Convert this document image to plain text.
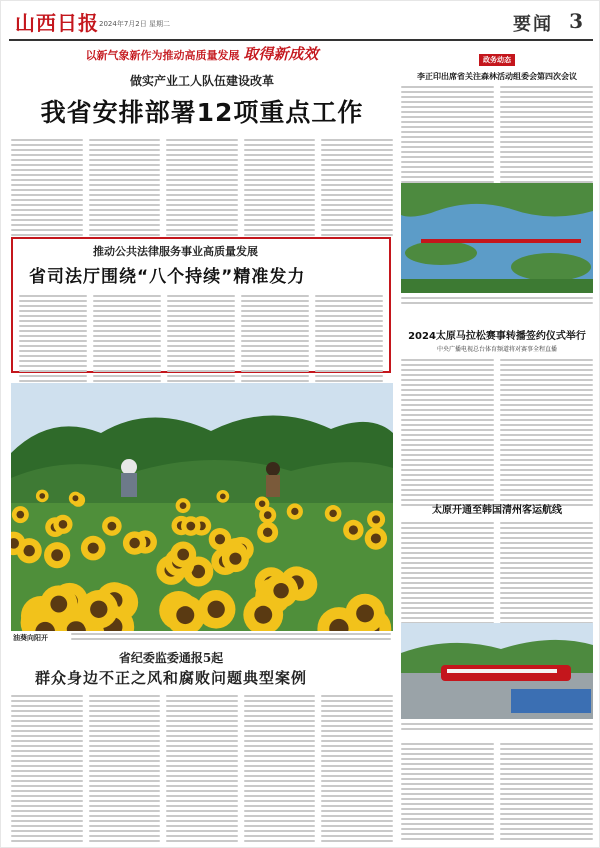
山西日报 2024年7月2日 星期二	要闻 3
以新气象新作为推动高质量发展 取得新成效
做实产业工人队伍建设改革
我省安排部署12项重点工作
推动公共法律服务事业高质量发展
省司法厅围绕“八个持续”精准发力
油葵向阳开
省纪委监委通报5起
群众身边不正之风和腐败问题典型案例
政务动态
李正印出席省关注森林活动组委会第四次会议
2024太原马拉松赛事转播签约仪式举行
中央广播电视总台体育频道将对赛事全程直播
太原开通至韩国清州客运航线
